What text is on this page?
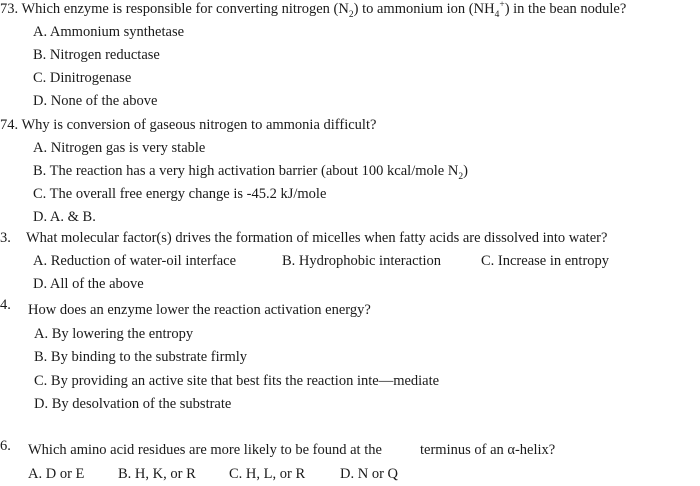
73. Which enzyme is responsible for converting nitrogen $(N_2)$ to ammonium ion $(NH_4^+)$ in the bean nodule?
A. Ammonium synthetase
B. Nitrogen reductase
C. Dinitrogenase
D. None of the above
74. Why is conversion of gaseous nitrogen to ammonia difficult?
A. Nitrogen gas is very stable
B. The reaction has a very high activation barrier (about 100 kcal/mole $N_2$)
C. The overall free energy change is -45.2 kJ/mole
D. A. & B.
3. What molecular factor(s) drives the formation of micelles when fatty acids are dissolved into water?
A. Reduction of water-oil interface	B. Hydrophobic interaction	C. Increase in entropy
D. All of the above
4. How does an enzyme lower the reaction activation energy?
A. By lowering the entropy
B. By binding to the substrate firmly
C. By providing an active site that best fits the reaction inte—mediate
D. By desolvation of the substrate
6. Which amino acid residues are more likely to be found at the	terminus of an α-helix?
A. D or E B. H, K, or R C. H, L, or R D. N or Q
